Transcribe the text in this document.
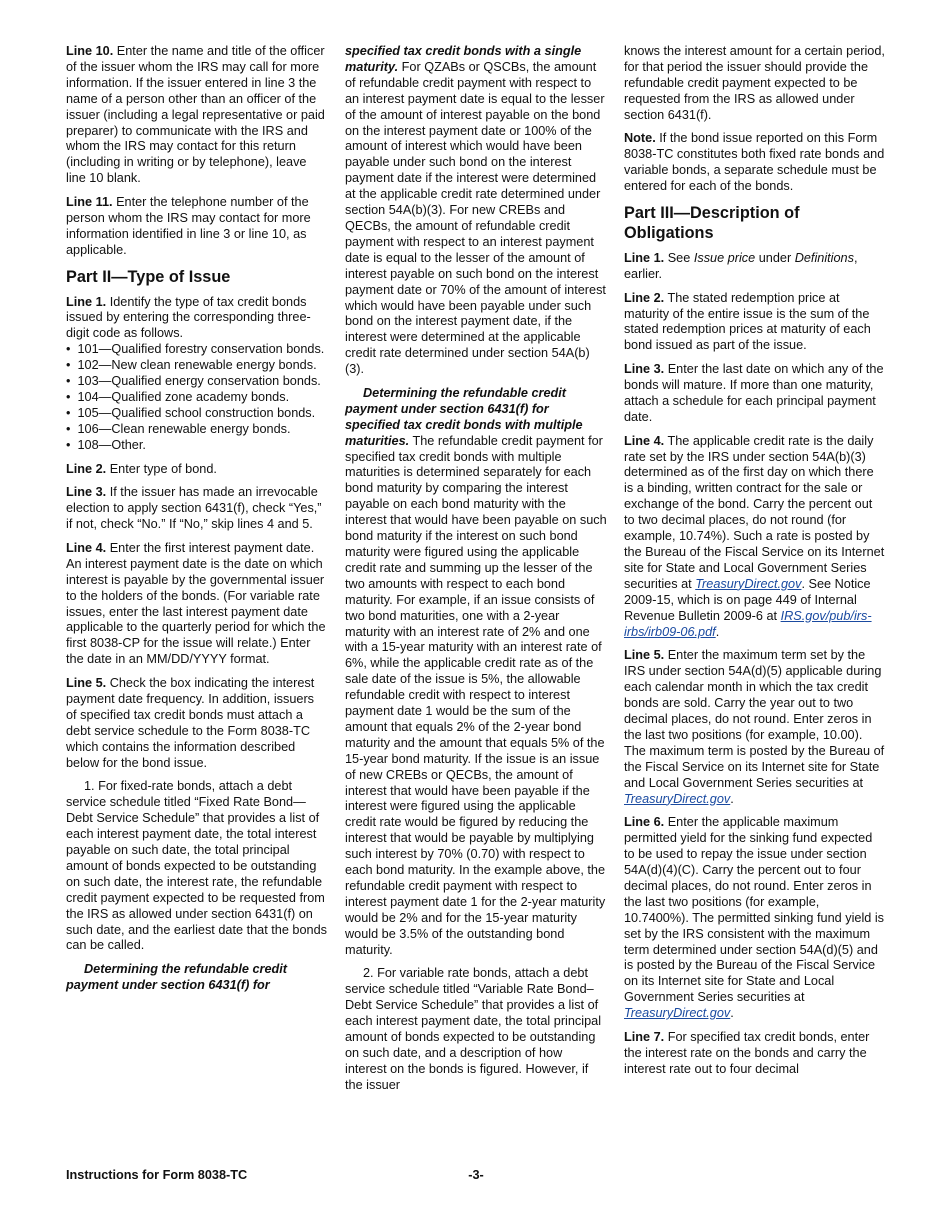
Line 10. Enter the name and title of the officer of the issuer whom the IRS may call for more information. If the issuer entered in line 3 the name of a person other than an officer of the issuer (including a legal representative or paid preparer) to communicate with the IRS and whom the IRS may contact for this return (including in writing or by telephone), leave line 10 blank.

Line 11. Enter the telephone number of the person whom the IRS may contact for more information identified in line 3 or line 10, as applicable.

Part II—Type of Issue

Line 1. Identify the type of tax credit bonds issued by entering the corresponding three-digit code as follows.

•  101—Qualified forestry conservation bonds.
•  102—New clean renewable energy bonds.
•  103—Qualified energy conservation bonds.
•  104—Qualified zone academy bonds.
•  105—Qualified school construction bonds.
•  106—Clean renewable energy bonds.
•  108—Other.

Line 2. Enter type of bond.

Line 3. If the issuer has made an irrevocable election to apply section 6431(f), check “Yes,” if not, check “No.” If “No,” skip lines 4 and 5.

Line 4. Enter the first interest payment date. An interest payment date is the date on which interest is payable by the governmental issuer to the holders of the bonds. (For variable rate issues, enter the last interest payment date applicable to the quarterly period for which the first 8038-CP for the issue will relate.) Enter the date in an MM/DD/YYYY format.

Line 5. Check the box indicating the interest payment date frequency. In addition, issuers of specified tax credit bonds must attach a debt service schedule to the Form 8038-TC which contains the information described below for the bond issue.

1. For fixed-rate bonds, attach a debt service schedule titled “Fixed Rate Bond—Debt Service Schedule” that provides a list of each interest payment date, the total interest payable on such date, the total principal amount of bonds expected to be outstanding on such date, the interest rate, the refundable credit payment expected to be requested from the IRS as allowed under section 6431(f) on such date, and the earliest date that the bonds can be called.

Determining the refundable credit payment under section 6431(f) for

specified tax credit bonds with a single maturity. For QZABs or QSCBs, the amount of refundable credit payment with respect to an interest payment date is equal to the lesser of the amount of interest payable on the bond on the interest payment date or 100% of the amount of interest which would have been payable under such bond on the interest payment date if the interest were determined at the applicable credit rate determined under section 54A(b)(3). For new CREBs and QECBs, the amount of refundable credit payment with respect to an interest payment date is equal to the lesser of the amount of interest payable on such bond on the interest payment date or 70% of the amount of interest which would have been payable under such bond on the interest payment date, if the interest were determined at the applicable credit rate determined under section 54A(b)(3).

Determining the refundable credit payment under section 6431(f) for specified tax credit bonds with multiple maturities. The refundable credit payment for specified tax credit bonds with multiple maturities is determined separately for each bond maturity by comparing the interest payable on each bond maturity with the interest that would have been payable on such bond maturity if the interest on such bond maturity were figured using the applicable credit rate and summing up the lesser of the two amounts with respect to each bond maturity. For example, if an issue consists of two bond maturities, one with a 2-year maturity with an interest rate of 2% and one with a 15-year maturity with an interest rate of 6%, while the applicable credit rate as of the sale date of the issue is 5%, the allowable refundable credit with respect to interest payment date 1 would be the sum of the amount that equals 2% of the 2-year bond maturity and the amount that equals 5% of the 15-year bond maturity. If the issue is an issue of new CREBs or QECBs, the amount of interest that would have been payable if the interest were figured using the applicable credit rate would be figured by reducing the interest that would be payable by multiplying such interest by 70% (0.70) with respect to each bond maturity. In the example above, the refundable credit payment with respect to interest payment date 1 for the 2-year maturity would be 2% and for the 15-year maturity would be 3.5% of the outstanding bond maturity.

2. For variable rate bonds, attach a debt service schedule titled “Variable Rate Bond–Debt Service Schedule” that provides a list of each interest payment date, the total principal amount of bonds expected to be outstanding on such date, and a description of how interest on the bonds is figured. However, if the issuer

knows the interest amount for a certain period, for that period the issuer should provide the refundable credit payment expected to be requested from the IRS as allowed under section 6431(f).

Note. If the bond issue reported on this Form 8038-TC constitutes both fixed rate bonds and variable bonds, a separate schedule must be entered for each of the bonds.

Part III—Description of Obligations

Line 1. See Issue price under Definitions, earlier.

Line 2. The stated redemption price at maturity of the entire issue is the sum of the stated redemption prices at maturity of each bond issued as part of the issue.

Line 3. Enter the last date on which any of the bonds will mature. If more than one maturity, attach a schedule for each principal payment date.

Line 4. The applicable credit rate is the daily rate set by the IRS under section 54A(b)(3) determined as of the first day on which there is a binding, written contract for the sale or exchange of the bond. Carry the percent out to two decimal places, do not round (for example, 10.74%). Such a rate is posted by the Bureau of the Fiscal Service on its Internet site for State and Local Government Series securities at TreasuryDirect.gov. See Notice 2009-15, which is on page 449 of Internal Revenue Bulletin 2009-6 at IRS.gov/pub/irs-irbs/irb09-06.pdf.

Line 5. Enter the maximum term set by the IRS under section 54A(d)(5) applicable during each calendar month in which the tax credit bonds are sold. Carry the year out to two decimal places, do not round. Enter zeros in the last two positions (for example, 10.00). The maximum term is posted by the Bureau of the Fiscal Service on its Internet site for State and Local Government Series securities at TreasuryDirect.gov.

Line 6. Enter the applicable maximum permitted yield for the sinking fund expected to be used to repay the issue under section 54A(d)(4)(C). Carry the percent out to four decimal places, do not round. Enter zeros in the last two positions (for example, 10.7400%). The permitted sinking fund yield is set by the IRS consistent with the maximum term determined under section 54A(d)(5) and is posted by the Bureau of the Fiscal Service on its Internet site for State and Local Government Series securities at TreasuryDirect.gov.

Line 7. For specified tax credit bonds, enter the interest rate on the bonds and carry the interest rate out to four decimal

Instructions for Form 8038-TC	-3-
